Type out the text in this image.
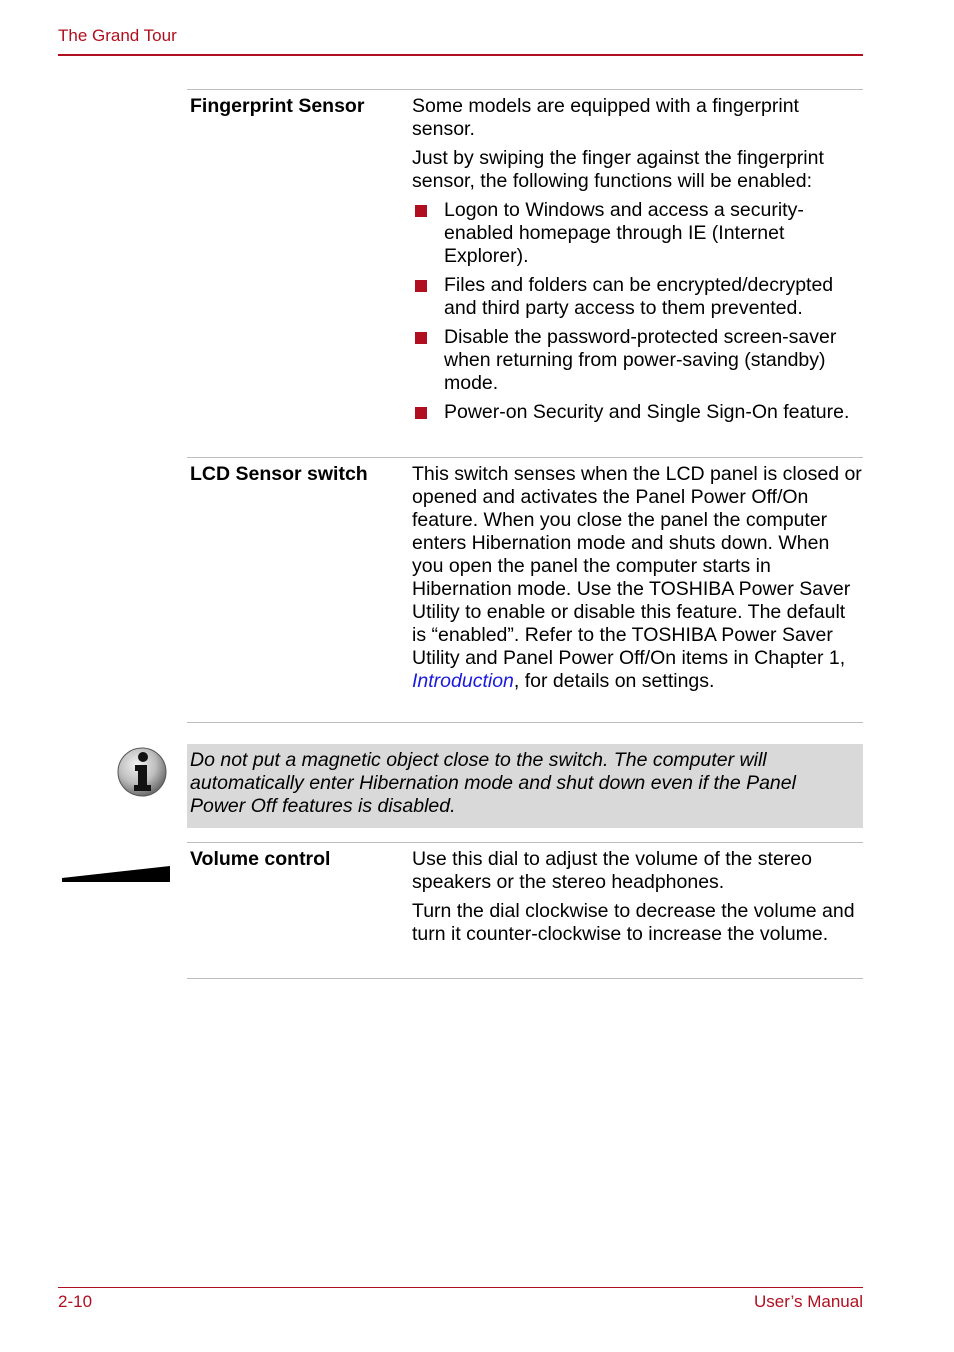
The Grand Tour
Fingerprint Sensor Some models are equipped with a fingerprint sensor.

Just by swiping the finger against the fingerprint sensor, the following functions will be enabled:

Logon to Windows and access a security-enabled homepage through IE (Internet Explorer).
Files and folders can be encrypted/decrypted and third party access to them prevented.
Disable the password-protected screen-saver when returning from power-saving (standby) mode.
Power-on Security and Single Sign-On feature.
LCD Sensor switch This switch senses when the LCD panel is closed or opened and activates the Panel Power Off/On feature. When you close the panel the computer enters Hibernation mode and shuts down. When you open the panel the computer starts in Hibernation mode. Use the TOSHIBA Power Saver Utility to enable or disable this feature. The default is “enabled”. Refer to the TOSHIBA Power Saver Utility and Panel Power Off/On items in Chapter 1, Introduction, for details on settings.

Do not put a magnetic object close to the switch. The computer will automatically enter Hibernation mode and shut down even if the Panel Power Off features is disabled.
Volume control	Use this dial to adjust the volume of the stereo speakers or the stereo headphones.

Turn the dial clockwise to decrease the volume and turn it counter-clockwise to increase the volume.

2-10	User’s Manual
